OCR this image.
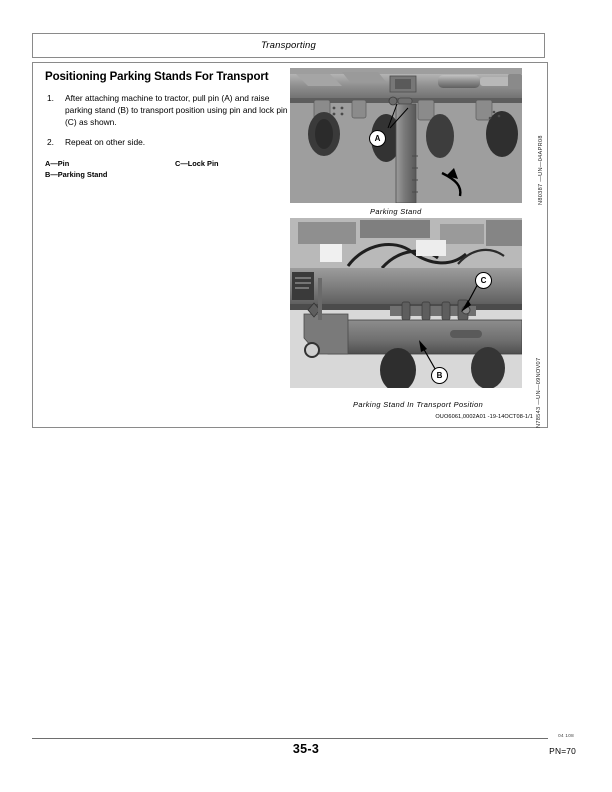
Transporting
Positioning Parking Stands For Transport
1.	After attaching machine to tractor, pull pin (A) and raise parking stand (B) to transport position using pin and lock pin (C) as shown.
2.	Repeat on other side.
A—Pin
B—Parking Stand
C—Lock Pin
A
Parking Stand
N80387 —UN—04APR08
C
B
Parking Stand In Transport Position	N78543 —UN—09NOV07
OUO6061,0002A01 -19-14OCT08-1/1
35-3
04 108
PN=70
